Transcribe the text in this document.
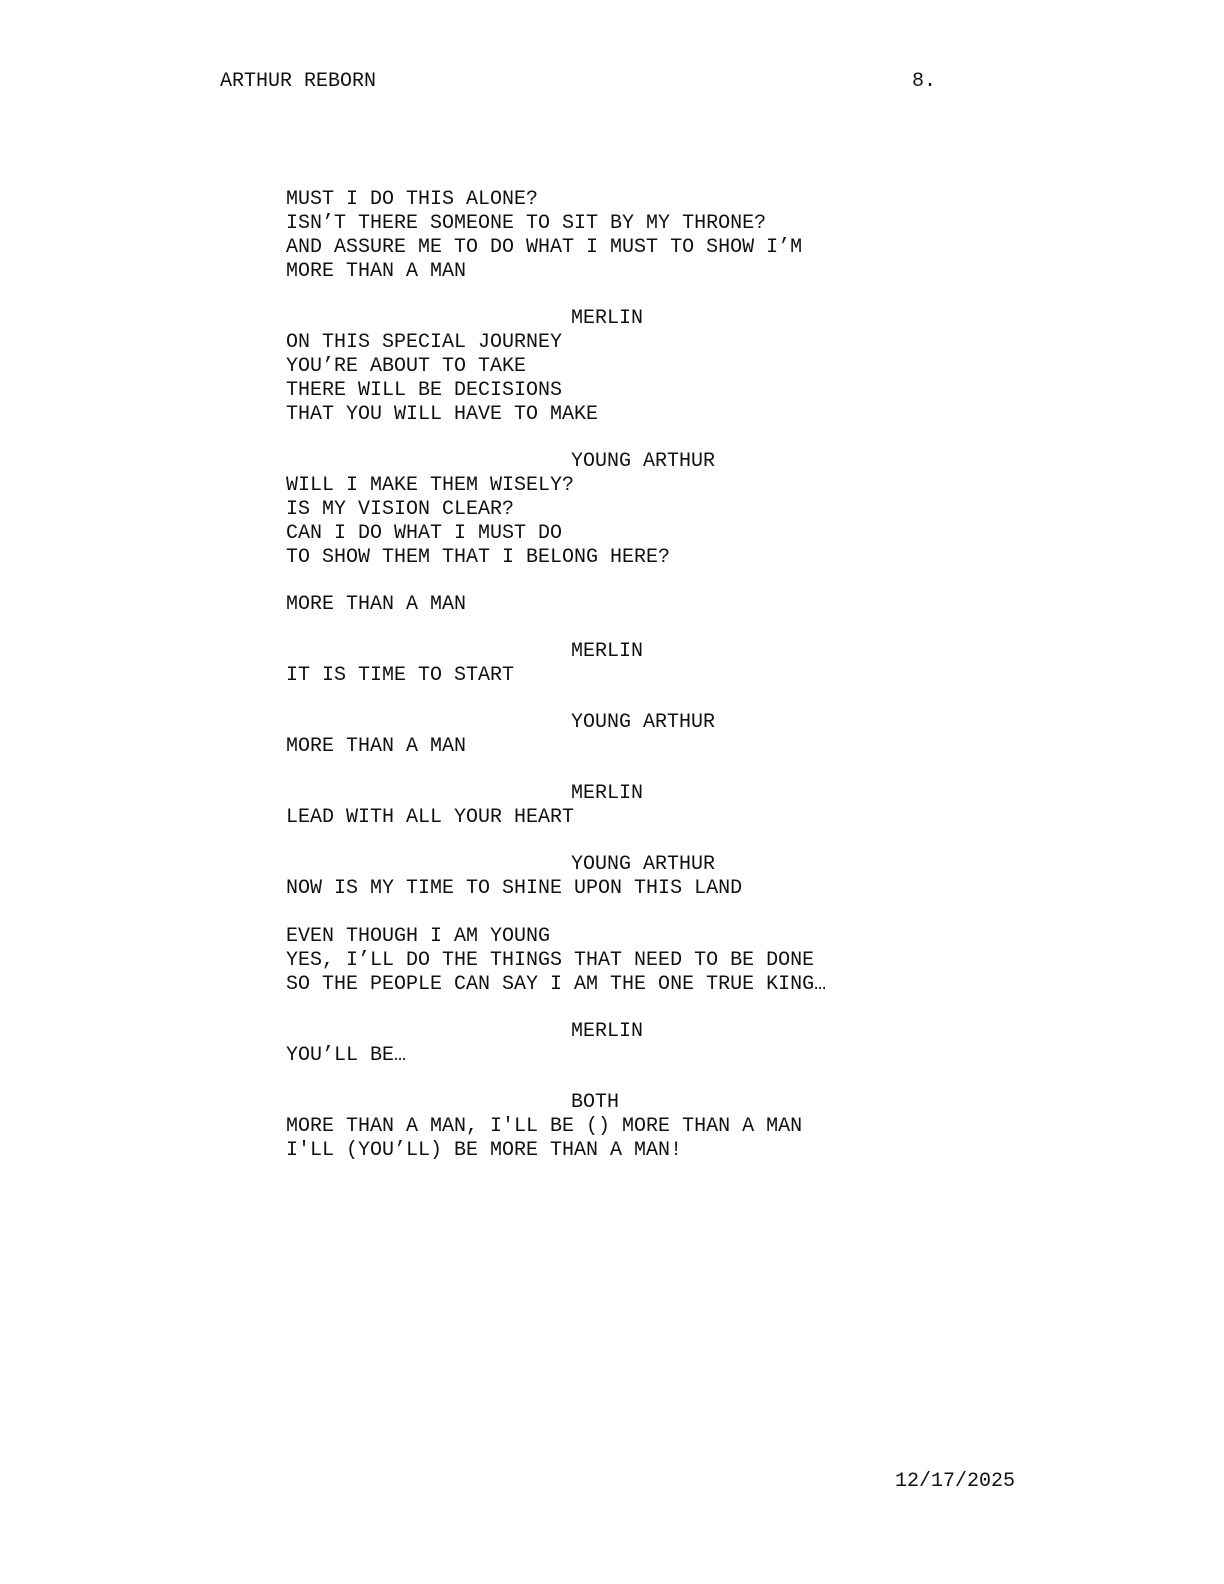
ARTHUR REBORN	8.
MUST I DO THIS ALONE?
ISN’T THERE SOMEONE TO SIT BY MY THRONE?
AND ASSURE ME TO DO WHAT I MUST TO SHOW I’M
MORE THAN A MAN
MERLIN
ON THIS SPECIAL JOURNEY
YOU’RE ABOUT TO TAKE
THERE WILL BE DECISIONS
THAT YOU WILL HAVE TO MAKE
YOUNG ARTHUR
WILL I MAKE THEM WISELY?
IS MY VISION CLEAR?
CAN I DO WHAT I MUST DO
TO SHOW THEM THAT I BELONG HERE?
MORE THAN A MAN
MERLIN
IT IS TIME TO START
YOUNG ARTHUR
MORE THAN A MAN
MERLIN
LEAD WITH ALL YOUR HEART
YOUNG ARTHUR
NOW IS MY TIME TO SHINE UPON THIS LAND
EVEN THOUGH I AM YOUNG
YES, I’LL DO THE THINGS THAT NEED TO BE DONE
SO THE PEOPLE CAN SAY I AM THE ONE TRUE KING…
MERLIN
YOU’LL BE…
BOTH
MORE THAN A MAN, I'LL BE () MORE THAN A MAN
I'LL (YOU’LL) BE MORE THAN A MAN!
12/17/2025
